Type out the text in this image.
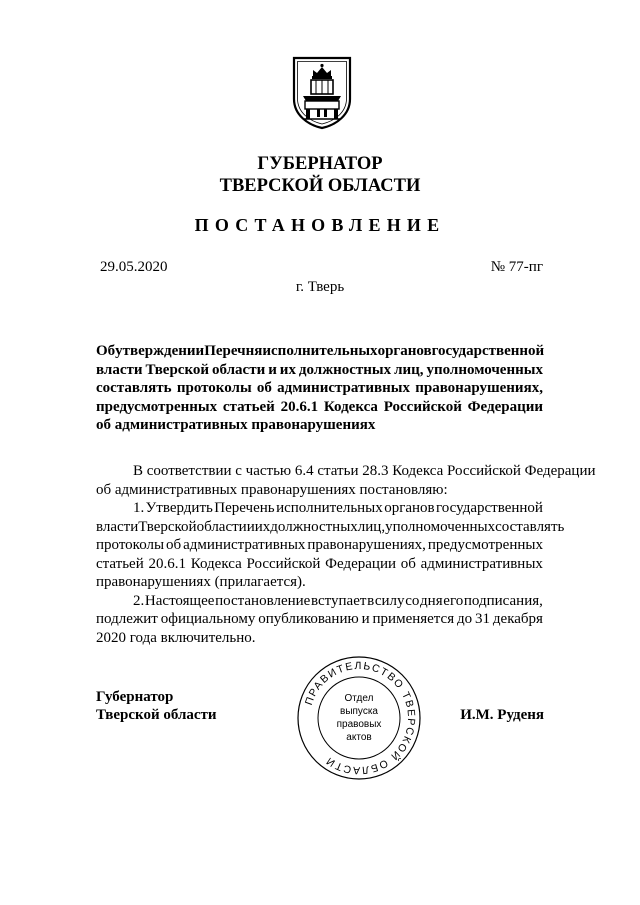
ГУБЕРНАТОР
ТВЕРСКОЙ ОБЛАСТИ
ПОСТАНОВЛЕНИЕ
29.05.2020	№ 77-пг
г. Тверь
Об утверждении Перечня исполнительных органов государственной
власти Тверской области и их должностных лиц, уполномоченных
составлять протоколы об административных правонарушениях,
предусмотренных статьей 20.6.1 Кодекса Российской Федерации
об административных правонарушениях
В соответствии с частью 6.4 статьи 28.3 Кодекса Российской Федерации
об административных правонарушениях постановляю:
1. Утвердить Перечень исполнительных органов государственной
власти Тверской области и их должностных лиц, уполномоченных составлять
протоколы об административных правонарушениях, предусмотренных
статьей 20.6.1 Кодекса Российской Федерации об административных
правонарушениях (прилагается).
2. Настоящее постановление вступает в силу со дня его подписания,
подлежит официальному опубликованию и применяется до 31 декабря
2020 года включительно.
Губернатор
Тверской области	И.М. Руденя
ПРАВИТЕЛЬСТВО ТВЕРСКОЙ ОБЛАСТИ
Отдел
выпуска
правовых
актов
